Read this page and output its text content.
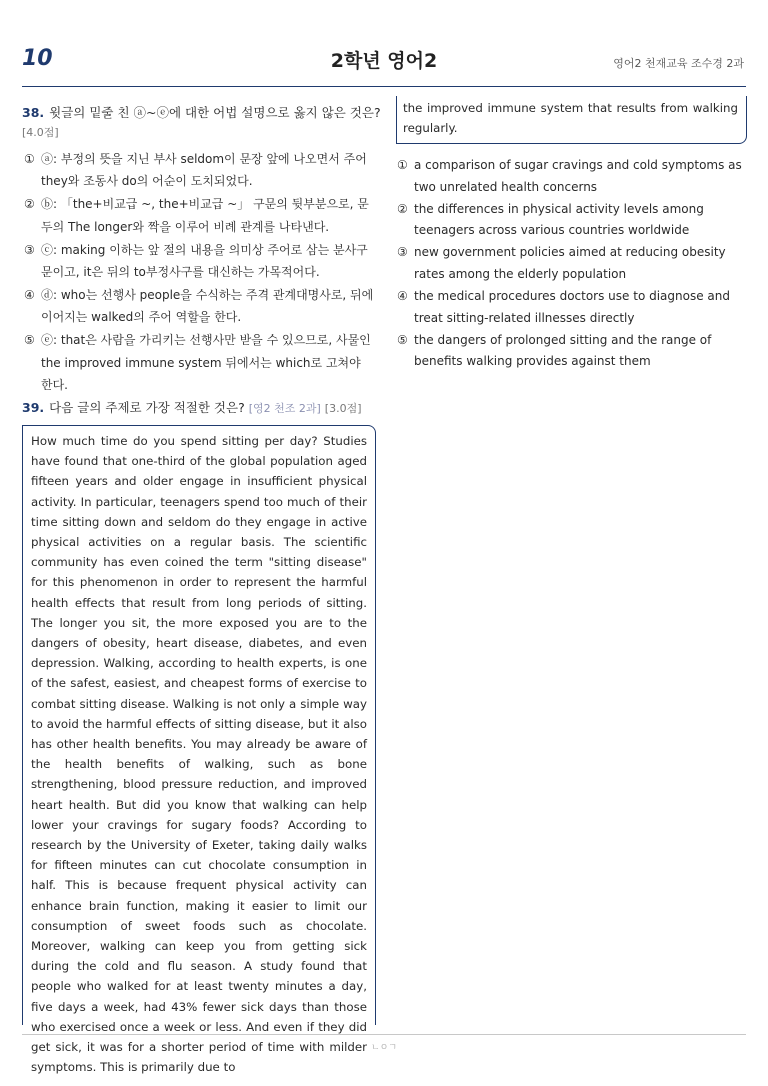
10	2학년 영어2	영어2 천재교육 조수경 2과
38. 윗글의 밑줄 친 ⓐ~ⓔ에 대한 어법 설명으로 옳지 않은 것은?
[4.0점]
① ⓐ: 부정의 뜻을 지닌 부사 seldom이 문장 앞에 나오면서 주어 they와 조동사 do의 어순이 도치되었다.
② ⓑ: 「the+비교급 ~, the+비교급 ~」 구문의 뒷부분으로, 문두의 The longer와 짝을 이루어 비례 관계를 나타낸다.
③ ⓒ: making 이하는 앞 절의 내용을 의미상 주어로 삼는 분사구문이고, it은 뒤의 to부정사구를 대신하는 가목적어다.
④ ⓓ: who는 선행사 people을 수식하는 주격 관계대명사로, 뒤에 이어지는 walked의 주어 역할을 한다.
⑤ ⓔ: that은 사람을 가리키는 선행사만 받을 수 있으므로, 사물인 the improved immune system 뒤에서는 which로 고쳐야 한다.
39. 다음 글의 주제로 가장 적절한 것은? [영2 천조 2과] [3.0점]
How much time do you spend sitting per day? Studies have found that one-third of the global population aged fifteen years and older engage in insufficient physical activity. In particular, teenagers spend too much of their time sitting down and seldom do they engage in active physical activities on a regular basis. The scientific community has even coined the term "sitting disease" for this phenomenon in order to represent the harmful health effects that result from long periods of sitting. The longer you sit, the more exposed you are to the dangers of obesity, heart disease, diabetes, and even depression. Walking, according to health experts, is one of the safest, easiest, and cheapest forms of exercise to combat sitting disease. Walking is not only a simple way to avoid the harmful effects of sitting disease, but it also has other health benefits. You may already be aware of the health benefits of walking, such as bone strengthening, blood pressure reduction, and improved heart health. But did you know that walking can help lower your cravings for sugary foods? According to research by the University of Exeter, taking daily walks for fifteen minutes can cut chocolate consumption in half. This is because frequent physical activity can enhance brain function, making it easier to limit our consumption of sweet foods such as chocolate. Moreover, walking can keep you from getting sick during the cold and flu season. A study found that people who walked for at least twenty minutes a day, five days a week, had 43% fewer sick days than those who exercised once a week or less. And even if they did get sick, it was for a shorter period of time with milder symptoms. This is primarily due to
the improved immune system that results from walking regularly.
① a comparison of sugar cravings and cold symptoms as two unrelated health concerns
② the differences in physical activity levels among teenagers across various countries worldwide
③ new government policies aimed at reducing obesity rates among the elderly population
④ the medical procedures doctors use to diagnose and treat sitting-related illnesses directly
⑤ the dangers of prolonged sitting and the range of benefits walking provides against them
ㄴㅇㄱ
